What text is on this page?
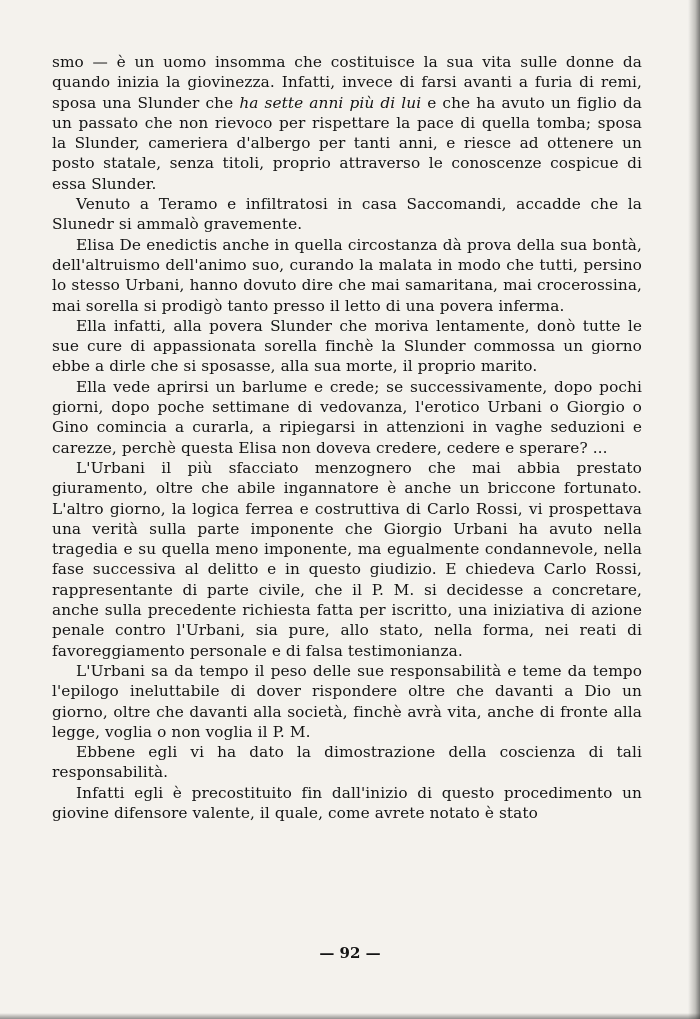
smo — è un uomo insomma che costituisce la sua vita sulle donne da quando inizia la giovinezza. Infatti, invece di farsi avanti a furia di remi, sposa una Slunder che ha sette anni più di lui e che ha avuto un figlio da un passato che non rievoco per rispettare la pace di quella tomba; sposa la Slunder, cameriera d'albergo per tanti anni, e riesce ad ottenere un posto statale, senza titoli, proprio attraverso le conoscenze cospicue di essa Slunder.

Venuto a Teramo e infiltratosi in casa Saccomandi, accadde che la Slunedr si ammalò gravemente.

Elisa De enedictis anche in quella circostanza dà prova della sua bontà, dell'altruismo dell'animo suo, curando la malata in modo che tutti, persino lo stesso Urbani, hanno dovuto dire che mai samaritana, mai crocerossina, mai sorella si prodigò tanto presso il letto di una povera inferma.

Ella infatti, alla povera Slunder che moriva lentamente, donò tutte le sue cure di appassionata sorella finchè la Slunder commossa un giorno ebbe a dirle che si sposasse, alla sua morte, il proprio marito.

Ella vede aprirsi un barlume e crede; se successivamente, dopo pochi giorni, dopo poche settimane di vedovanza, l'erotico Urbani o Giorgio o Gino comincia a curarla, a ripiegarsi in attenzioni in vaghe seduzioni e carezze, perchè questa Elisa non doveva credere, cedere e sperare? ...

L'Urbani il più sfacciato menzognero che mai abbia prestato giuramento, oltre che abile ingannatore è anche un briccone fortunato. L'altro giorno, la logica ferrea e costruttiva di Carlo Rossi, vi prospettava una verità sulla parte imponente che Giorgio Urbani ha avuto nella tragedia e su quella meno imponente, ma egualmente condannevole, nella fase successiva al delitto e in questo giudizio. E chiedeva Carlo Rossi, rappresentante di parte civile, che il P. M. si decidesse a concretare, anche sulla precedente richiesta fatta per iscritto, una iniziativa di azione penale contro l'Urbani, sia pure, allo stato, nella forma, nei reati di favoreggiamento personale e di falsa testimonianza.

L'Urbani sa da tempo il peso delle sue responsabilità e teme da tempo l'epilogo ineluttabile di dover rispondere oltre che davanti a Dio un giorno, oltre che davanti alla società, finchè avrà vita, anche di fronte alla legge, voglia o non voglia il P. M.

Ebbene egli vi ha dato la dimostrazione della coscienza di tali responsabilità.

Infatti egli è precostituito fin dall'inizio di questo procedimento un giovine difensore valente, il quale, come avrete notato è stato

— 92 —
